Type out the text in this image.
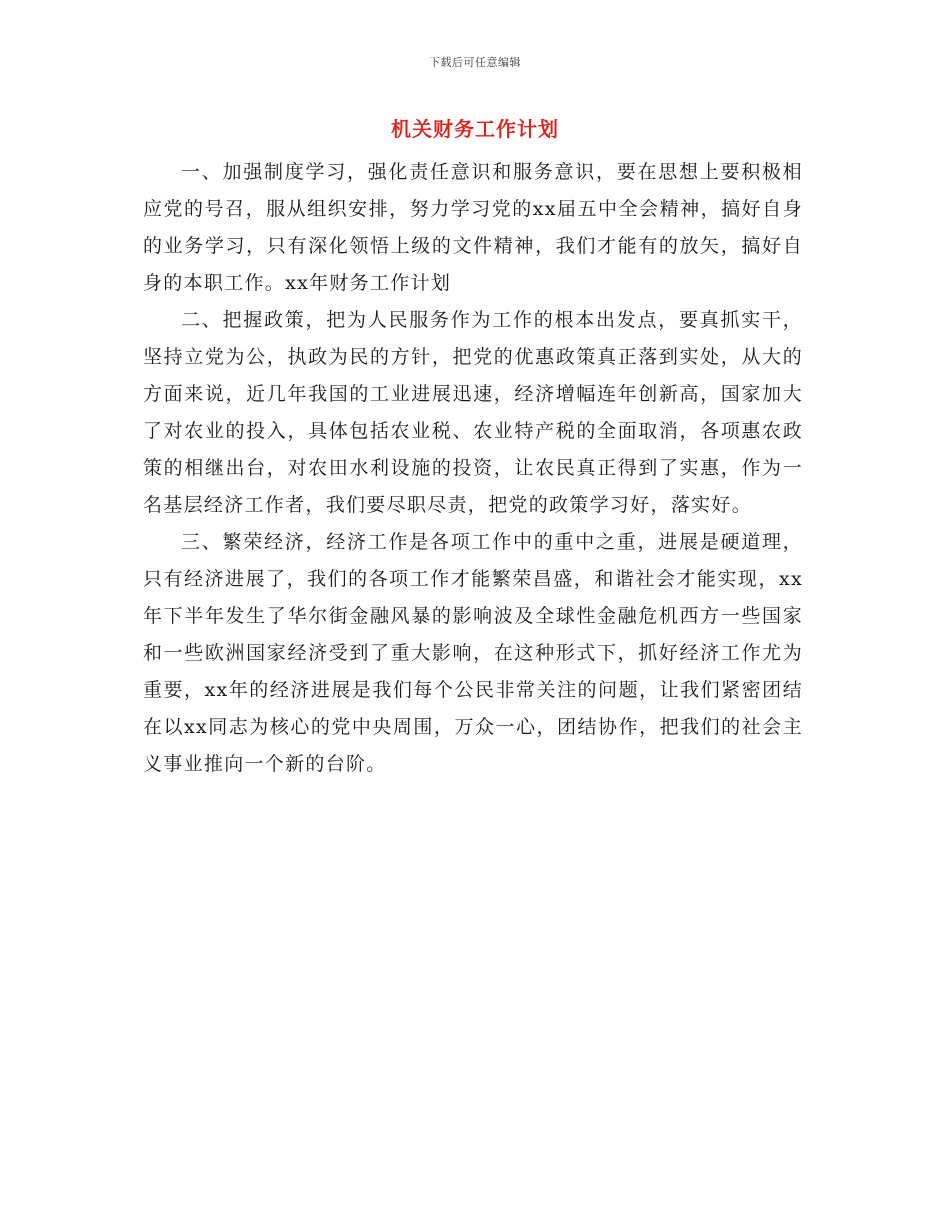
下载后可任意编辑
机关财务工作计划

一、加强制度学习，强化责任意识和服务意识，要在思想上要积极相应党的号召，服从组织安排，努力学习党的xx届五中全会精神，搞好自身的业务学习，只有深化领悟上级的文件精神，我们才能有的放矢，搞好自身的本职工作。xx年财务工作计划

二、把握政策，把为人民服务作为工作的根本出发点，要真抓实干，坚持立党为公，执政为民的方针，把党的优惠政策真正落到实处，从大的方面来说，近几年我国的工业进展迅速，经济增幅连年创新高，国家加大了对农业的投入，具体包括农业税、农业特产税的全面取消，各项惠农政策的相继出台，对农田水利设施的投资，让农民真正得到了实惠，作为一名基层经济工作者，我们要尽职尽责，把党的政策学习好，落实好。

三、繁荣经济，经济工作是各项工作中的重中之重，进展是硬道理，只有经济进展了，我们的各项工作才能繁荣昌盛，和谐社会才能实现，xx年下半年发生了华尔街金融风暴的影响波及全球性金融危机西方一些国家和一些欧洲国家经济受到了重大影响，在这种形式下，抓好经济工作尤为重要，xx年的经济进展是我们每个公民非常关注的问题，让我们紧密团结在以xx同志为核心的党中央周围，万众一心，团结协作，把我们的社会主义事业推向一个新的台阶。
